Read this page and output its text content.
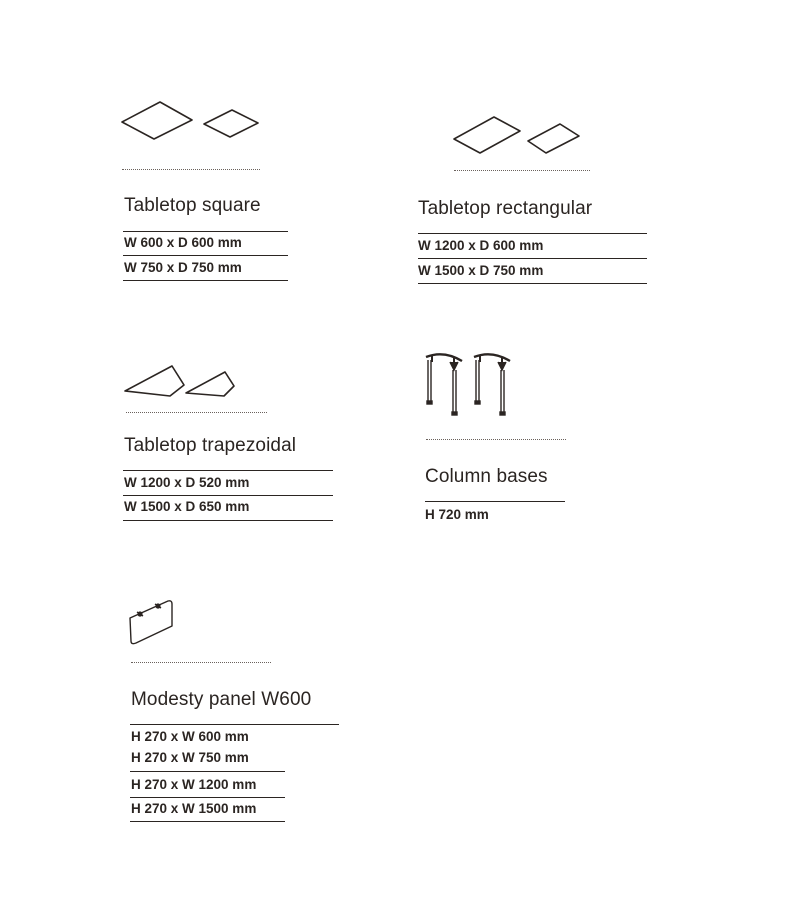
Tabletop square
W 600 x D 600 mm
W 750 x D 750 mm
Tabletop rectangular
W 1200 x D 600 mm
W 1500 x D 750 mm
Tabletop trapezoidal
W 1200 x D 520 mm
W 1500 x D 650 mm
Column bases
H 720 mm
Modesty panel W600
H 270 x W 600 mm
H 270 x W 750 mm
H 270 x W 1200 mm
H 270 x W 1500 mm
